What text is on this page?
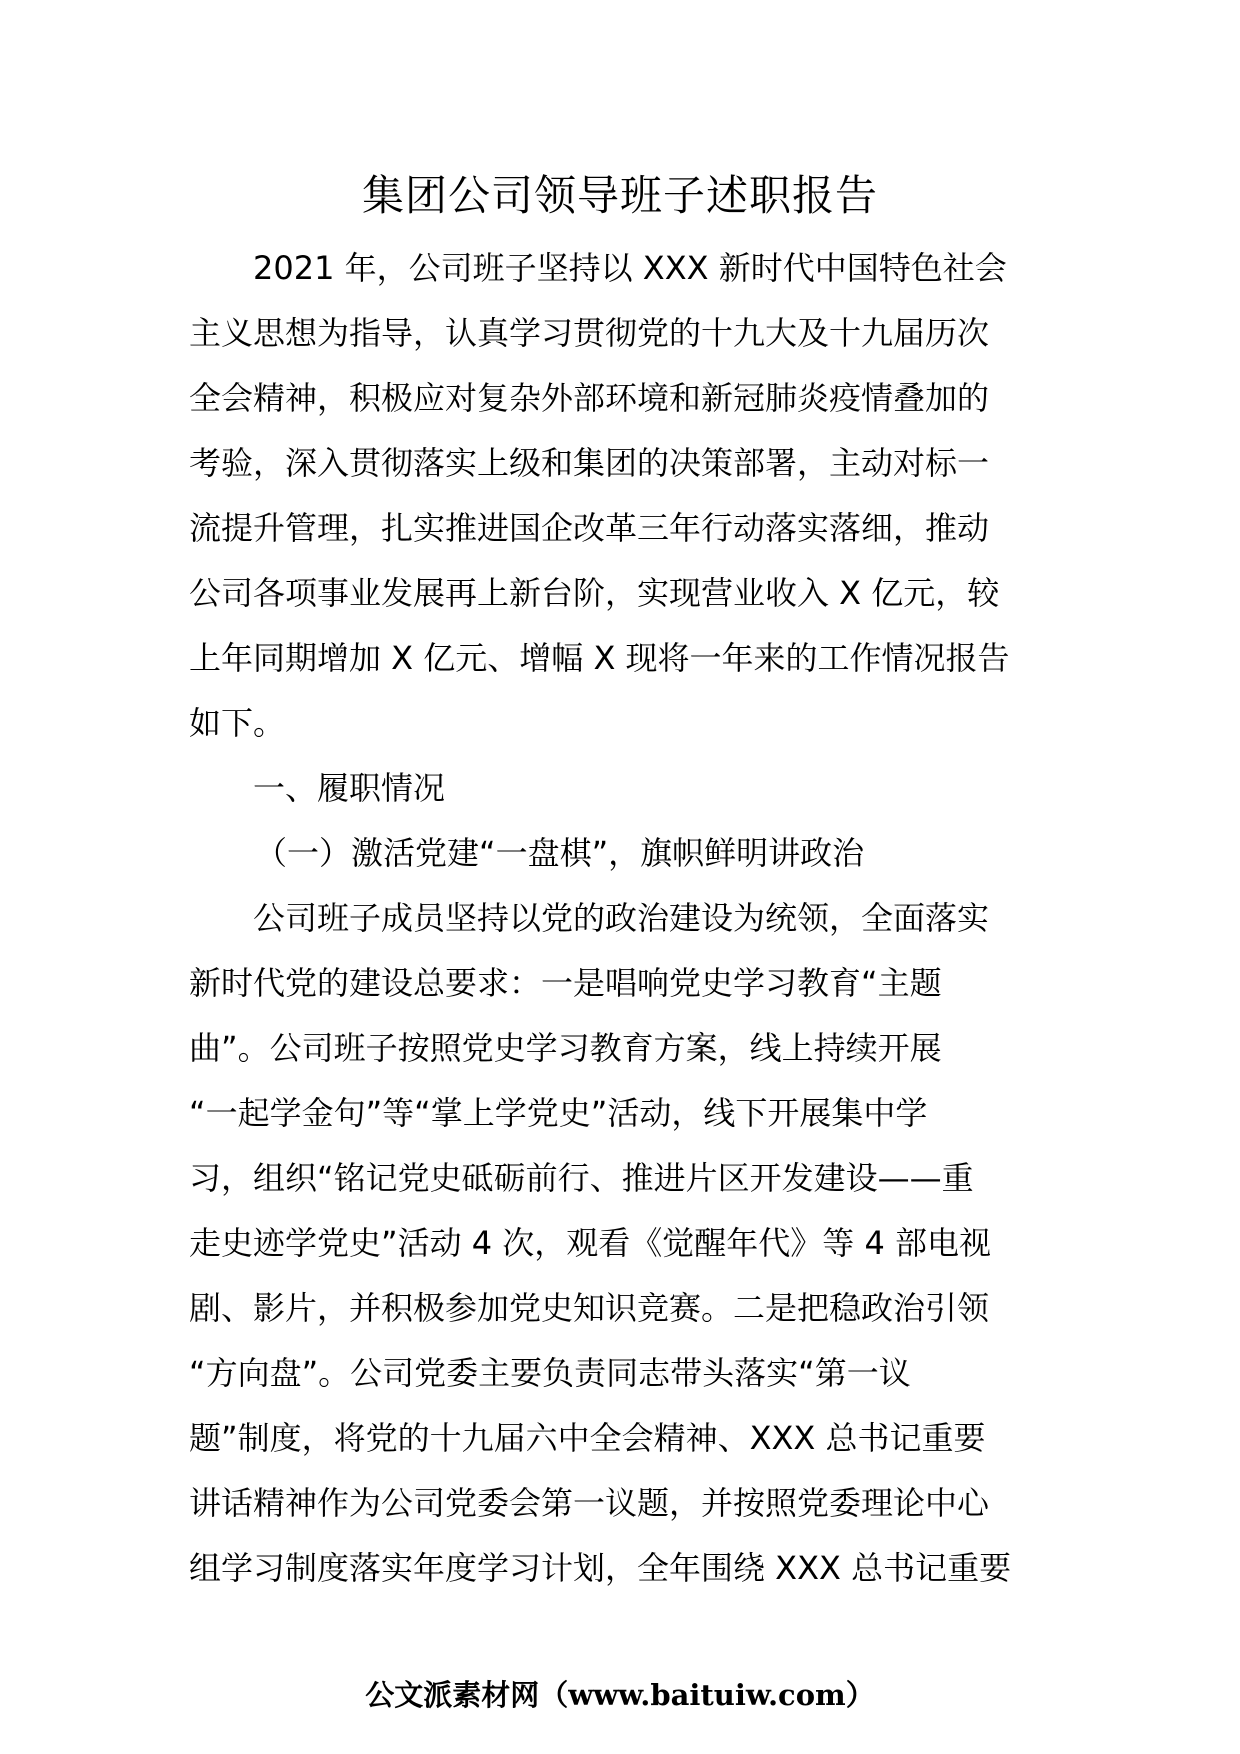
集团公司领导班子述职报告
2021 年，公司班子坚持以 XXX 新时代中国特色社会
主义思想为指导，认真学习贯彻党的十九大及十九届历次
全会精神，积极应对复杂外部环境和新冠肺炎疫情叠加的
考验，深入贯彻落实上级和集团的决策部署，主动对标一
流提升管理，扎实推进国企改革三年行动落实落细，推动
公司各项事业发展再上新台阶，实现营业收入 X 亿元，较
上年同期增加 X 亿元、增幅 X 现将一年来的工作情况报告
如下。
一、履职情况
（一）激活党建“一盘棋”，旗帜鲜明讲政治
公司班子成员坚持以党的政治建设为统领，全面落实
新时代党的建设总要求：一是唱响党史学习教育“主题
曲”。公司班子按照党史学习教育方案，线上持续开展
“一起学金句”等“掌上学党史”活动，线下开展集中学
习，组织“铭记党史砥砺前行、推进片区开发建设——重
走史迹学党史”活动 4 次，观看《觉醒年代》等 4 部电视
剧、影片，并积极参加党史知识竞赛。二是把稳政治引领
“方向盘”。公司党委主要负责同志带头落实“第一议
题”制度，将党的十九届六中全会精神、XXX 总书记重要
讲话精神作为公司党委会第一议题，并按照党委理论中心
组学习制度落实年度学习计划，全年围绕 XXX 总书记重要
公文派素材网（www.baituiw.com）
